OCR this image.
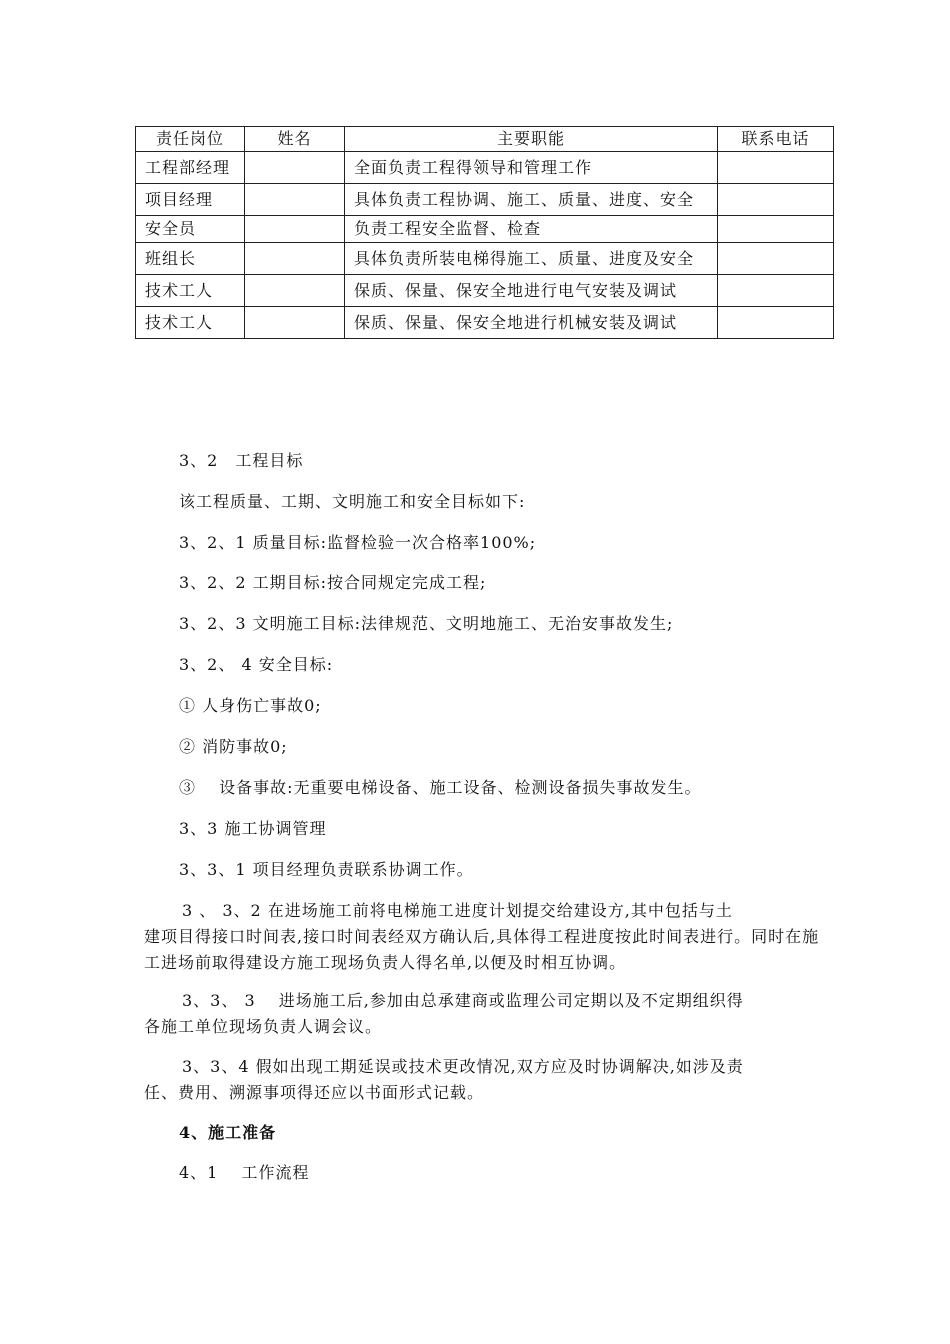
责任岗位	姓名	主要职能	联系电话
工程部经理		全面负责工程得领导和管理工作	
项目经理		具体负责工程协调、施工、质量、进度、安全	
安全员		负责工程安全监督、检查	
班组长		具体负责所装电梯得施工、质量、进度及安全	
技术工人		保质、保量、保安全地进行电气安装及调试	
技术工人		保质、保量、保安全地进行机械安装及调试	
3、2　工程目标
该工程质量、工期、文明施工和安全目标如下:
3、2、1 质量目标:监督检验一次合格率100%;
3、2、2 工期目标:按合同规定完成工程;
3、2、3 文明施工目标:法律规范、文明地施工、无治安事故发生;
3、2、 4 安全目标:
① 人身伤亡事故0;
② 消防事故0;
③　 设备事故:无重要电梯设备、施工设备、检测设备损失事故发生。
3、3 施工协调管理
3、3、1 项目经理负责联系协调工作。
3 、 3、2 在进场施工前将电梯施工进度计划提交给建设方,其中包括与土
建项目得接口时间表,接口时间表经双方确认后,具体得工程进度按此时间表进行。同时在施工进场前取得建设方施工现场负责人得名单,以便及时相互协调。
3、3、 3　 进场施工后,参加由总承建商或监理公司定期以及不定期组织得
各施工单位现场负责人调会议。
3、3、4 假如出现工期延误或技术更改情况,双方应及时协调解决,如涉及责
任、费用、溯源事项得还应以书面形式记载。
4、施工准备
4、1　 工作流程
